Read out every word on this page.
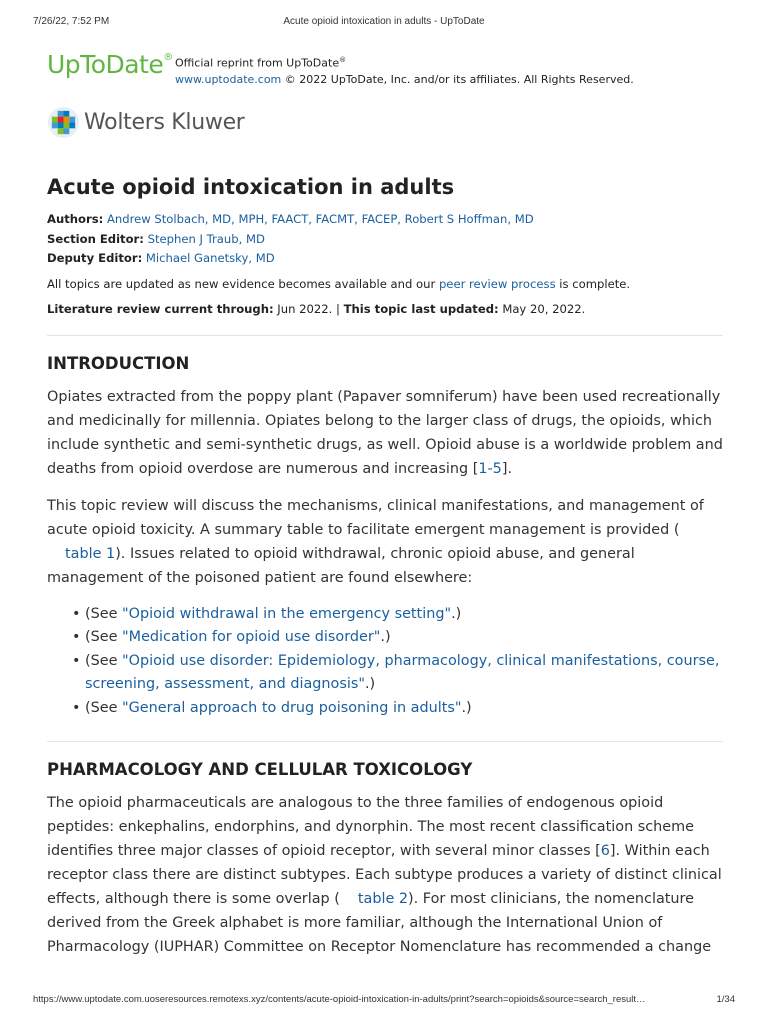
7/26/22, 7:52 PM	Acute opioid intoxication in adults - UpToDate
UpToDate® Official reprint from UpToDate®
www.uptodate.com © 2022 UpToDate, Inc. and/or its affiliates. All Rights Reserved.
Wolters Kluwer
Acute opioid intoxication in adults
Authors: Andrew Stolbach, MD, MPH, FAACT, FACMT, FACEP, Robert S Hoffman, MD
Section Editor: Stephen J Traub, MD
Deputy Editor: Michael Ganetsky, MD
All topics are updated as new evidence becomes available and our peer review process is complete.
Literature review current through: Jun 2022. | This topic last updated: May 20, 2022.
INTRODUCTION

Opiates extracted from the poppy plant (Papaver somniferum) have been used recreationally and medicinally for millennia. Opiates belong to the larger class of drugs, the opioids, which include synthetic and semi-synthetic drugs, as well. Opioid abuse is a worldwide problem and deaths from opioid overdose are numerous and increasing [1-5].

This topic review will discuss the mechanisms, clinical manifestations, and management of acute opioid toxicity. A summary table to facilitate emergent management is provided (
table 1). Issues related to opioid withdrawal, chronic opioid abuse, and general management of the poisoned patient are found elsewhere:

• (See "Opioid withdrawal in the emergency setting".)
• (See "Medication for opioid use disorder".)
• (See "Opioid use disorder: Epidemiology, pharmacology, clinical manifestations, course, screening, assessment, and diagnosis".)
• (See "General approach to drug poisoning in adults".)
PHARMACOLOGY AND CELLULAR TOXICOLOGY

The opioid pharmaceuticals are analogous to the three families of endogenous opioid peptides: enkephalins, endorphins, and dynorphin. The most recent classification scheme identifies three major classes of opioid receptor, with several minor classes [6]. Within each receptor class there are distinct subtypes. Each subtype produces a variety of distinct clinical effects, although there is some overlap ( table 2). For most clinicians, the nomenclature derived from the Greek alphabet is more familiar, although the International Union of Pharmacology (IUPHAR) Committee on Receptor Nomenclature has recommended a change

https://www.uptodate.com.uoseresources.remotexs.xyz/contents/acute-opioid-intoxication-in-adults/print?search=opioids&source=search_result…	1/34
